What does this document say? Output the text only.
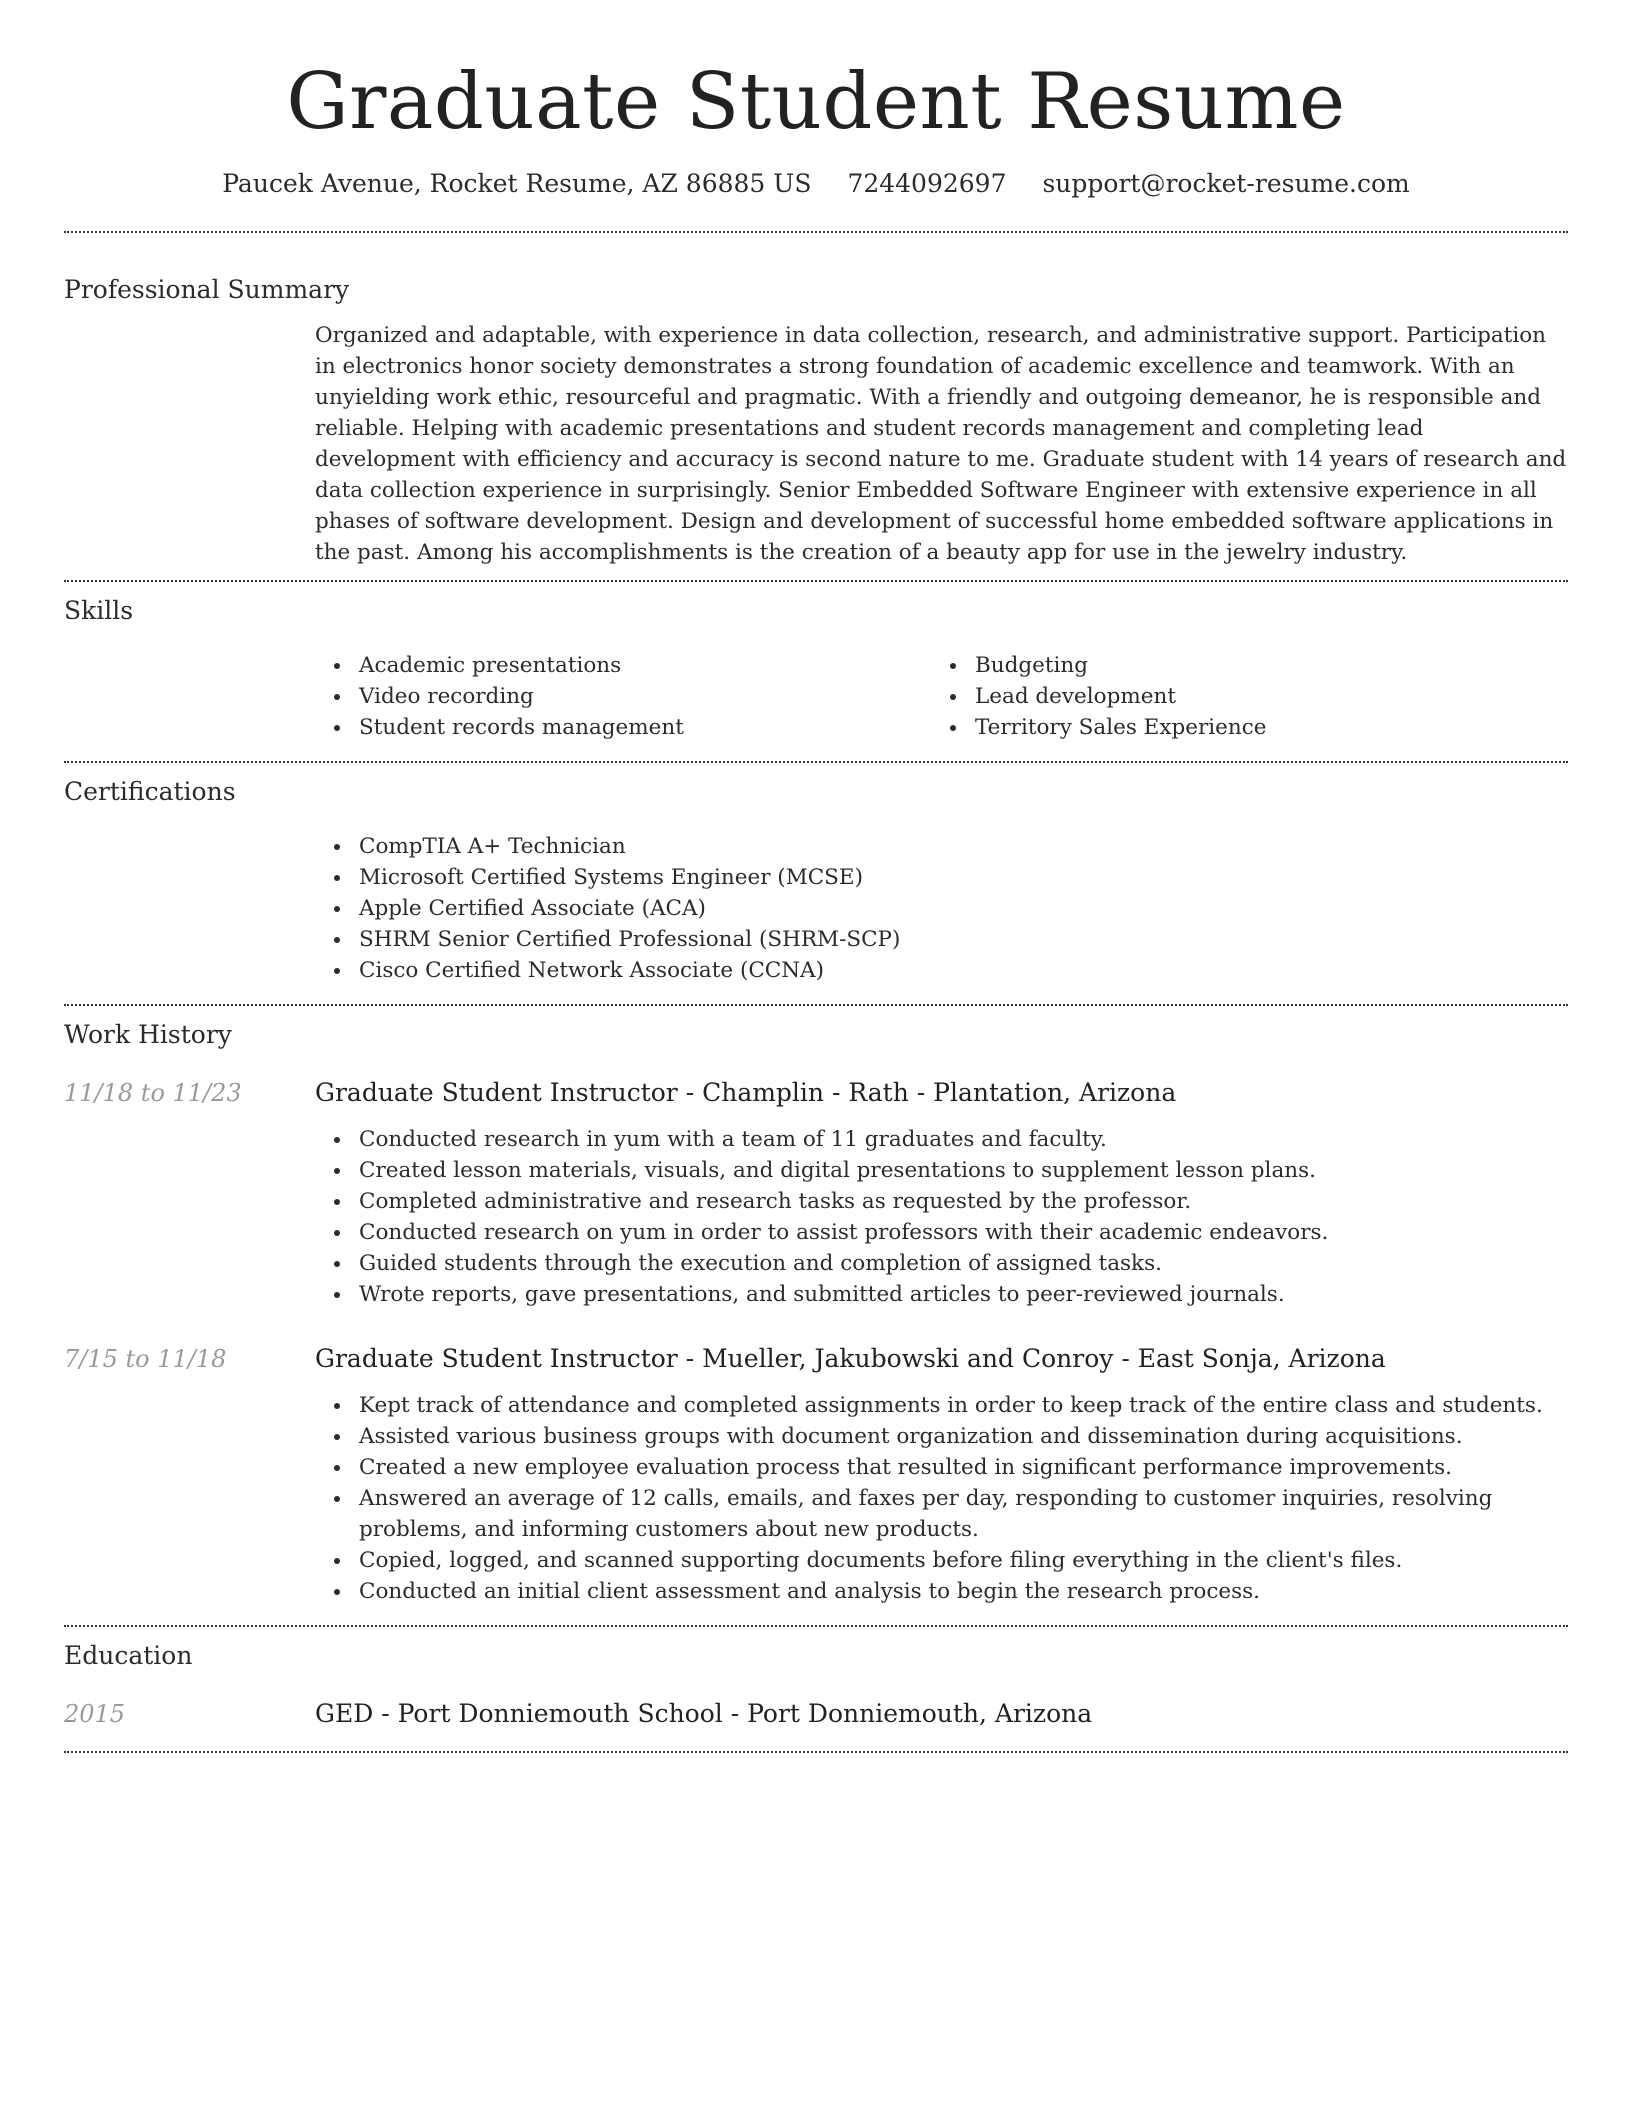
Graduate Student Resume
Paucek Avenue, Rocket Resume, AZ 86885 US 7244092697 support@rocket-resume.com
Professional Summary

Organized and adaptable, with experience in data collection, research, and administrative support. Participation in electronics honor society demonstrates a strong foundation of academic excellence and teamwork. With an unyielding work ethic, resourceful and pragmatic. With a friendly and outgoing demeanor, he is responsible and reliable. Helping with academic presentations and student records management and completing lead development with efficiency and accuracy is second nature to me. Graduate student with 14 years of research and data collection experience in surprisingly. Senior Embedded Software Engineer with extensive experience in all phases of software development. Design and development of successful home embedded software applications in the past. Among his accomplishments is the creation of a beauty app for use in the jewelry industry.

Skills
Academic presentations
Video recording
Student records management
Budgeting
Lead development
Territory Sales Experience
Certifications
CompTIA A+ Technician
Microsoft Certified Systems Engineer (MCSE)
Apple Certified Associate (ACA)
SHRM Senior Certified Professional (SHRM-SCP)
Cisco Certified Network Associate (CCNA)
Work History
11/18 to 11/23	Graduate Student Instructor - Champlin - Rath - Plantation, Arizona
Conducted research in yum with a team of 11 graduates and faculty.
Created lesson materials, visuals, and digital presentations to supplement lesson plans.
Completed administrative and research tasks as requested by the professor.
Conducted research on yum in order to assist professors with their academic endeavors.
Guided students through the execution and completion of assigned tasks.
Wrote reports, gave presentations, and submitted articles to peer-reviewed journals.
7/15 to 11/18	Graduate Student Instructor - Mueller, Jakubowski and Conroy - East Sonja, Arizona
Kept track of attendance and completed assignments in order to keep track of the entire class and students.
Assisted various business groups with document organization and dissemination during acquisitions.
Created a new employee evaluation process that resulted in significant performance improvements.
Answered an average of 12 calls, emails, and faxes per day, responding to customer inquiries, resolving problems, and informing customers about new products.
Copied, logged, and scanned supporting documents before filing everything in the client's files.
Conducted an initial client assessment and analysis to begin the research process.
Education
2015	GED - Port Donniemouth School - Port Donniemouth, Arizona
